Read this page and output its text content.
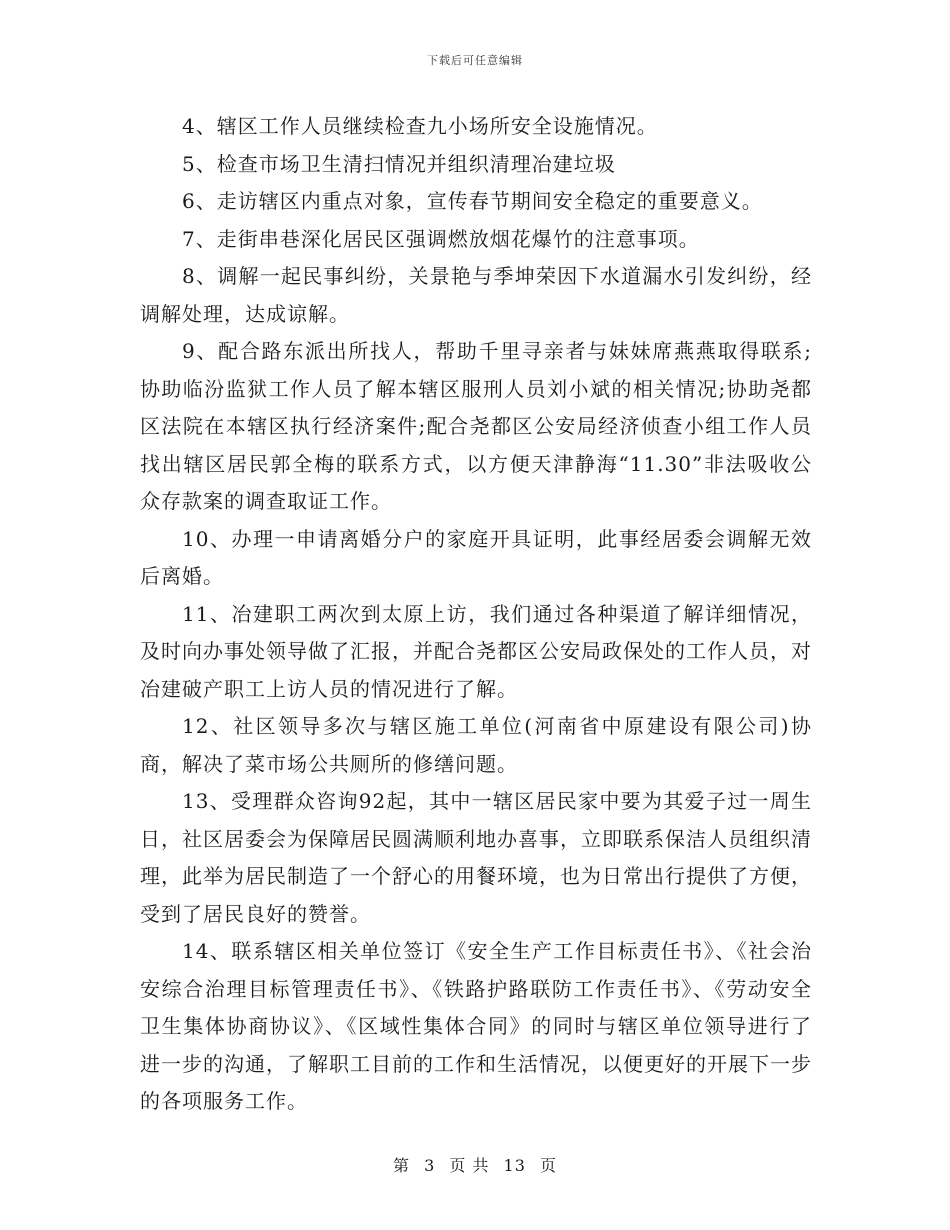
下载后可任意编辑

4、辖区工作人员继续检查九小场所安全设施情况。

5、检查市场卫生清扫情况并组织清理冶建垃圾

6、走访辖区内重点对象，宣传春节期间安全稳定的重要意义。

7、走街串巷深化居民区强调燃放烟花爆竹的注意事项。

8、调解一起民事纠纷，关景艳与季坤荣因下水道漏水引发纠纷，经调解处理，达成谅解。

9、配合路东派出所找人，帮助千里寻亲者与妹妹席燕燕取得联系;协助临汾监狱工作人员了解本辖区服刑人员刘小斌的相关情况;协助尧都区法院在本辖区执行经济案件;配合尧都区公安局经济侦查小组工作人员找出辖区居民郭全梅的联系方式，以方便天津静海“11.30”非法吸收公众存款案的调查取证工作。

10、办理一申请离婚分户的家庭开具证明，此事经居委会调解无效后离婚。

11、冶建职工两次到太原上访，我们通过各种渠道了解详细情况，及时向办事处领导做了汇报，并配合尧都区公安局政保处的工作人员，对冶建破产职工上访人员的情况进行了解。

12、社区领导多次与辖区施工单位(河南省中原建设有限公司)协商，解决了菜市场公共厕所的修缮问题。

13、受理群众咨询92起，其中一辖区居民家中要为其爱子过一周生日，社区居委会为保障居民圆满顺利地办喜事，立即联系保洁人员组织清理，此举为居民制造了一个舒心的用餐环境，也为日常出行提供了方便，受到了居民良好的赞誉。

14、联系辖区相关单位签订《安全生产工作目标责任书》、《社会治安综合治理目标管理责任书》、《铁路护路联防工作责任书》、《劳动安全卫生集体协商协议》、《区域性集体合同》的同时与辖区单位领导进行了进一步的沟通，了解职工目前的工作和生活情况，以便更好的开展下一步的各项服务工作。

第 3 页 共 13 页
